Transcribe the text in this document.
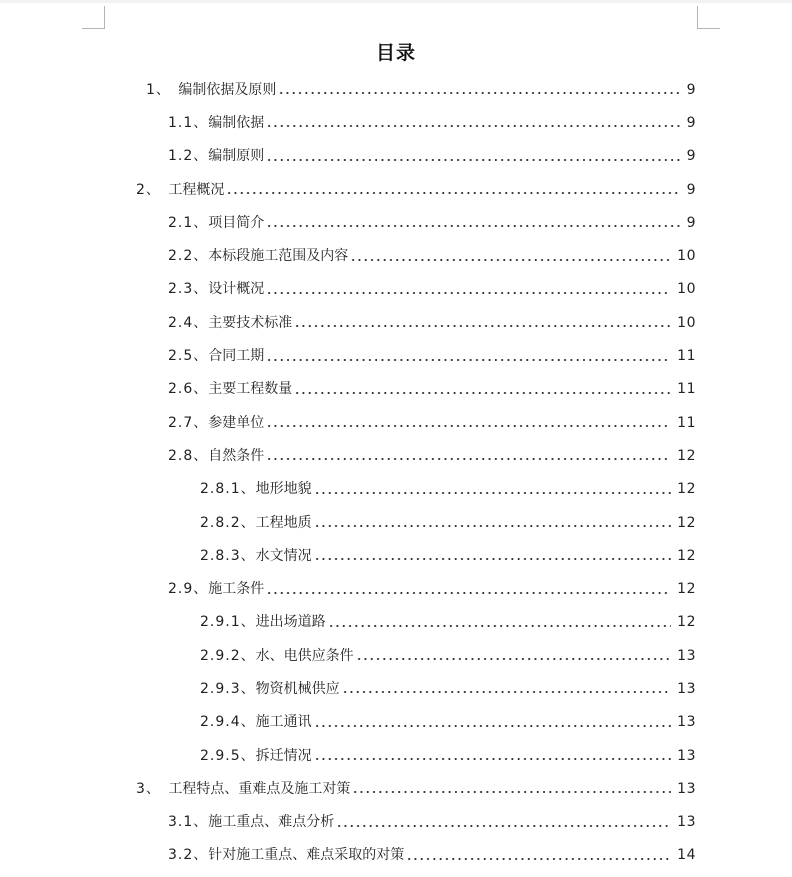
目录
1、 编制依据及原则	9
1.1、 编制依据	9
1.2、 编制原则	9
2、 工程概况	9
2.1、 项目简介	9
2.2、 本标段施工范围及内容	10
2.3、 设计概况	10
2.4、 主要技术标准	10
2.5、 合同工期	11
2.6、 主要工程数量	11
2.7、 参建单位	11
2.8、 自然条件	12
2.8.1、 地形地貌	12
2.8.2、 工程地质	12
2.8.3、 水文情况	12
2.9、 施工条件	12
2.9.1、 进出场道路	12
2.9.2、 水、电供应条件	13
2.9.3、 物资机械供应	13
2.9.4、 施工通讯	13
2.9.5、 拆迁情况	13
3、 工程特点、重难点及施工对策	13
3.1、 施工重点、难点分析	13
3.2、 针对施工重点、难点采取的对策	14
